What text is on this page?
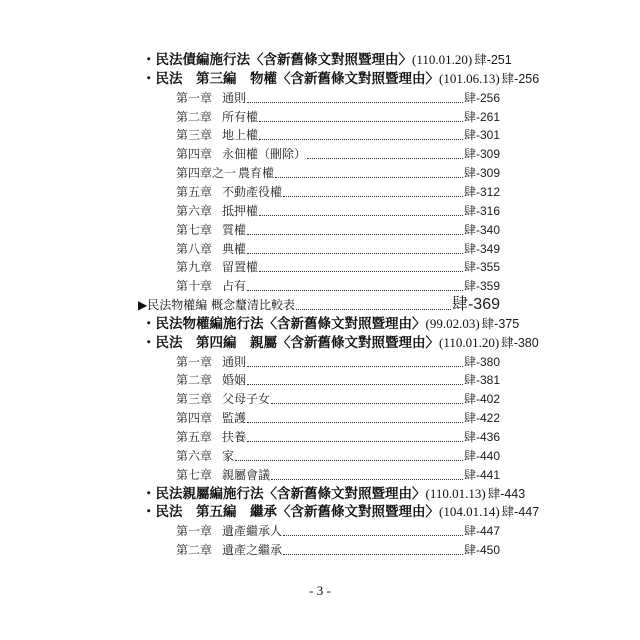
・民法債編施行法〈含新舊條文對照暨理由〉(110.01.20) 肆-251
・民法　第三編　物權〈含新舊條文對照暨理由〉(101.06.13) 肆-256
第一章 通則	肆-256
第二章 所有權	肆-261
第三章 地上權	肆-301
第四章 永佃權（刪除）	肆-309
第四章之一 農育權	肆-309
第五章 不動產役權	肆-312
第六章 抵押權	肆-316
第七章 質權	肆-340
第八章 典權	肆-349
第九章 留置權	肆-355
第十章 占有	肆-359
▶民法物權編 概念釐清比較表	肆-369
・民法物權編施行法〈含新舊條文對照暨理由〉(99.02.03) 肆-375
・民法　第四編　親屬〈含新舊條文對照暨理由〉(110.01.20) 肆-380
第一章 通則	肆-380
第二章 婚姻	肆-381
第三章 父母子女	肆-402
第四章 監護	肆-422
第五章 扶養	肆-436
第六章 家	肆-440
第七章 親屬會議	肆-441
・民法親屬編施行法〈含新舊條文對照暨理由〉(110.01.13) 肆-443
・民法　第五編　繼承〈含新舊條文對照暨理由〉(104.01.14) 肆-447
第一章 遺產繼承人	肆-447
第二章 遺產之繼承	肆-450
- 3 -
